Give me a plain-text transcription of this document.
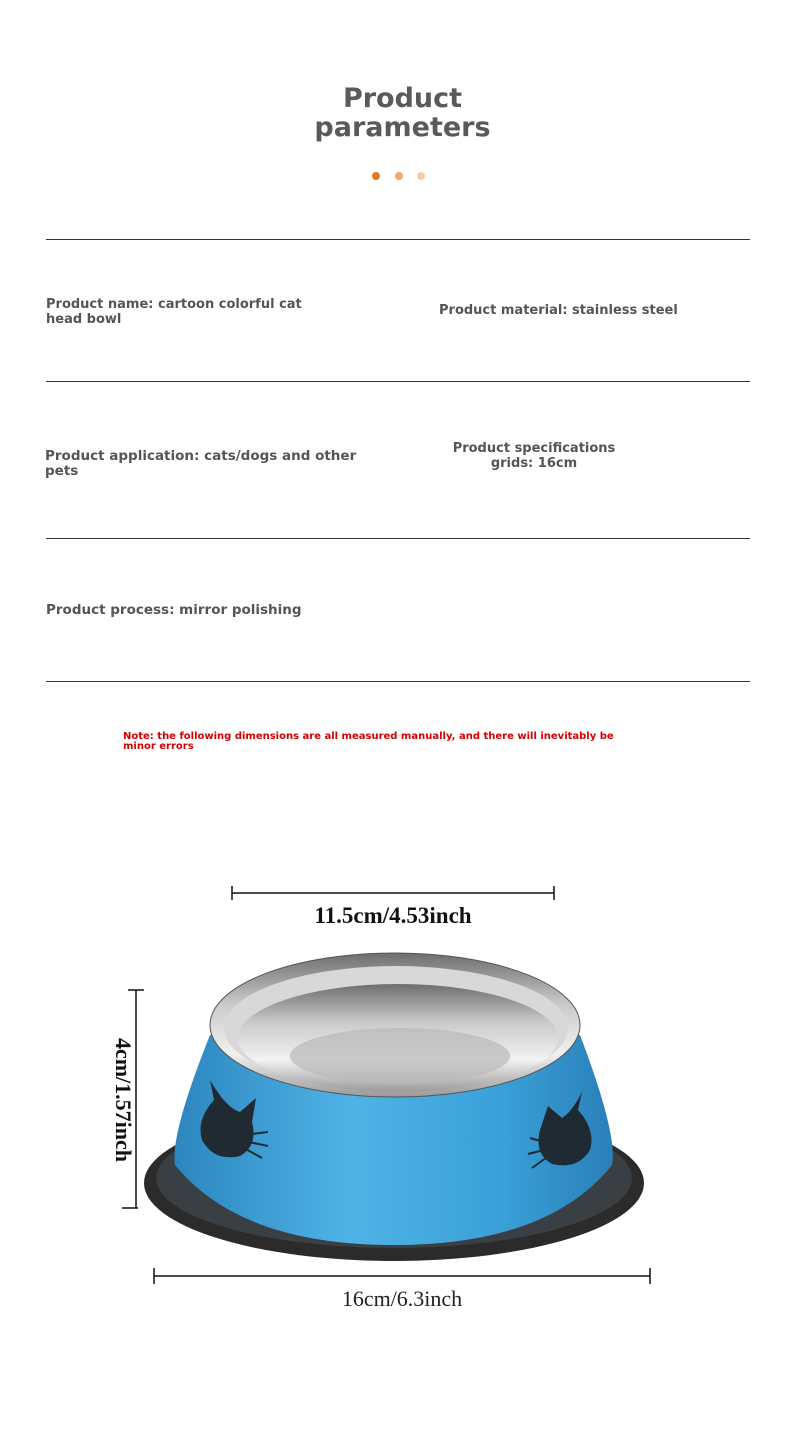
Product
parameters
Product name: cartoon colorful cat head bowl
Product material: stainless steel
Product application: cats/dogs and other pets
Product specifications grids: 16cm
Product process: mirror polishing
Note: the following dimensions are all measured manually, and there will inevitably be minor errors
11.5cm/4.53inch
4cm/1.57inch
16cm/6.3inch
